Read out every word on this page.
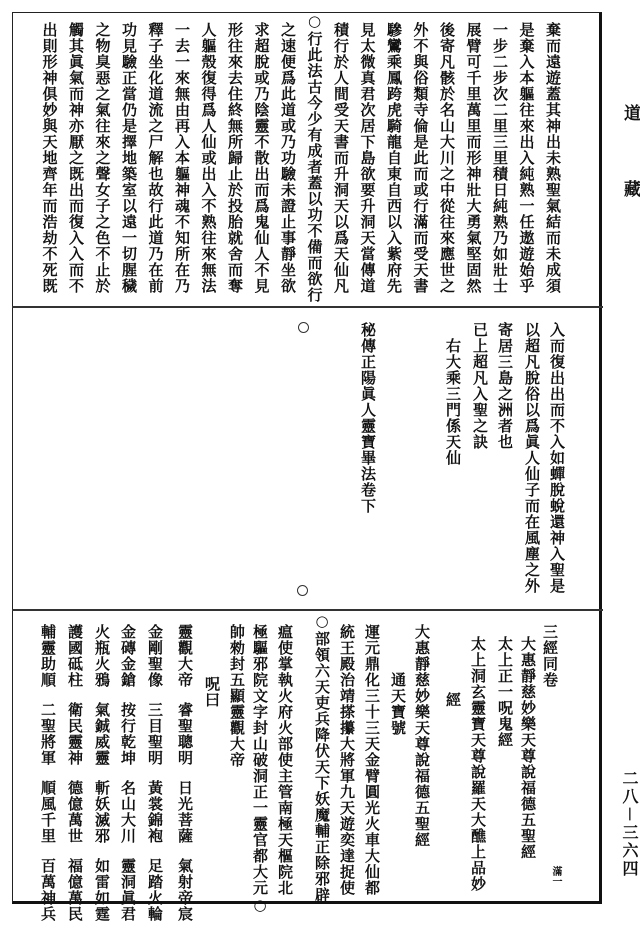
道
藏
二八－三六四
滿一
棄而遠遊蓋其神出未熟聖氣結而未成須
是棄入本軀往來出入純熟一任遨遊始乎
一步二步次二里三里積日純熟乃如壯士
展臂可千里萬里而形神壯大勇氣堅固然
後寄凡骸於名山大川之中從往來應世之
外不與俗類寺倫是此而或行滿而受天書
驂鸞乘鳳跨虎騎龍自東自西以入紫府先
見太微真君次居下島欲要升洞天當傳道
積行於人間受天書而升洞天以爲天仙凡
○行此法古今少有成者蓋以功不備而欲行
之速便爲此道或乃功驗未證止事靜坐欲
求超脫或乃陰靈不散出而爲鬼仙人不見
形往來去住終無所歸止於投胎就舍而奪
人軀殼復得爲人仙或出入不熟往來無法
一去一來無由再入本軀神魂不知所在乃
釋子坐化道流之尸解也故行此道乃在前
功見驗正當仍是擇地築室以遠一切腥穢
之物臭惡之氣往來之聲女子之色不止於
觸其眞氣而神亦厭之既出而復入入而不
出則形神俱妙與天地齊年而浩劫不死既
入而復出出而不入如蟬脫蛻還神入聖是
以超凡脫俗以爲眞人仙子而在風塵之外
寄居三島之洲者也
已上超凡入聖之訣
右大乘三門係天仙
秘傳正陽眞人靈寶畢法卷下
三經同卷
大惠靜慈妙樂天尊說福德五聖經
太上正一呪鬼經
太上洞玄靈寶天尊說羅天大醮上品妙
經
大惠靜慈妙樂天尊說福德五聖經
通天寶號
運元鼎化三十三天金臂圓光火車大仙都
統王殿治靖搽攥大將軍九天遊奕達捉使
○部領六天吏兵降伏天下妖魔輔正除邪辟
瘟使掌執火府火部使主管南極天樞院北
極驅邪院文字封山破洞正一靈官都大元○
帥勑封五顯靈觀大帝
呪曰
靈觀大帝睿聖聰明日光菩薩氣射帝宸
金剛聖像三目聖明黃裳錦袍足踏火輪
金磚金鎗按行乾坤名山大川靈洞眞君
火瓶火鴉氣鋮威靈斬妖滅邪如雷如霆
護國砥柱衛民靈神德億萬世福億萬民
輔靈助順二聖將軍順風千里百萬神兵
